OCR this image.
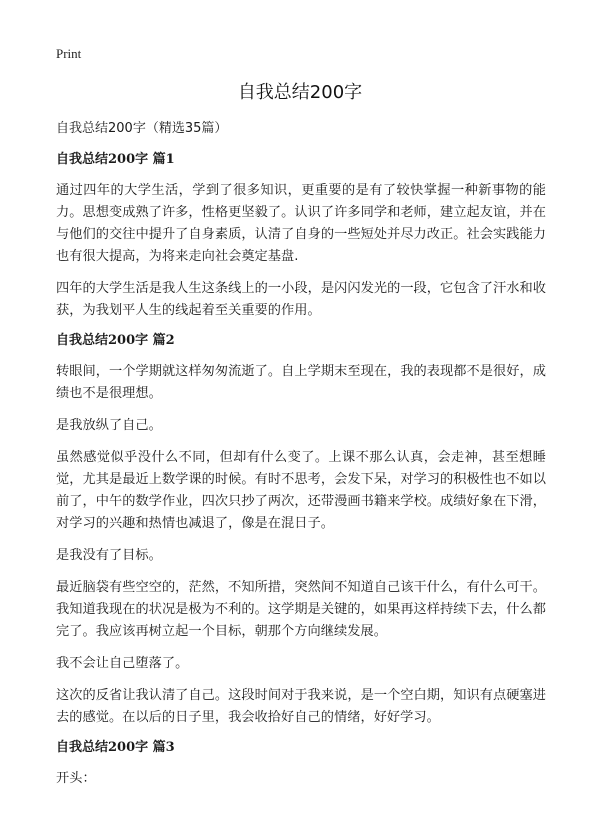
Print
自我总结200字

自我总结200字（精选35篇）

自我总结200字 篇1

通过四年的大学生活，学到了很多知识，更重要的是有了较快掌握一种新事物的能力。思想变成熟了许多，性格更坚毅了。认识了许多同学和老师，建立起友谊，并在与他们的交往中提升了自身素质，认清了自身的一些短处并尽力改正。社会实践能力也有很大提高，为将来走向社会奠定基盘.

四年的大学生活是我人生这条线上的一小段，是闪闪发光的一段，它包含了汗水和收获，为我划平人生的线起着至关重要的作用。

自我总结200字 篇2

转眼间，一个学期就这样匆匆流逝了。自上学期末至现在，我的表现都不是很好，成绩也不是很理想。

是我放纵了自己。

虽然感觉似乎没什么不同，但却有什么变了。上课不那么认真，会走神，甚至想睡觉，尤其是最近上数学课的时候。有时不思考，会发下呆，对学习的积极性也不如以前了，中午的数学作业，四次只抄了两次，还带漫画书籍来学校。成绩好象在下滑，对学习的兴趣和热情也减退了，像是在混日子。

是我没有了目标。

最近脑袋有些空空的，茫然，不知所措，突然间不知道自己该干什么，有什么可干。我知道我现在的状况是极为不利的。这学期是关键的，如果再这样持续下去，什么都完了。我应该再树立起一个目标，朝那个方向继续发展。

我不会让自己堕落了。

这次的反省让我认清了自己。这段时间对于我来说，是一个空白期，知识有点硬塞进去的感觉。在以后的日子里，我会收拾好自己的情绪，好好学习。

自我总结200字 篇3

开头：
